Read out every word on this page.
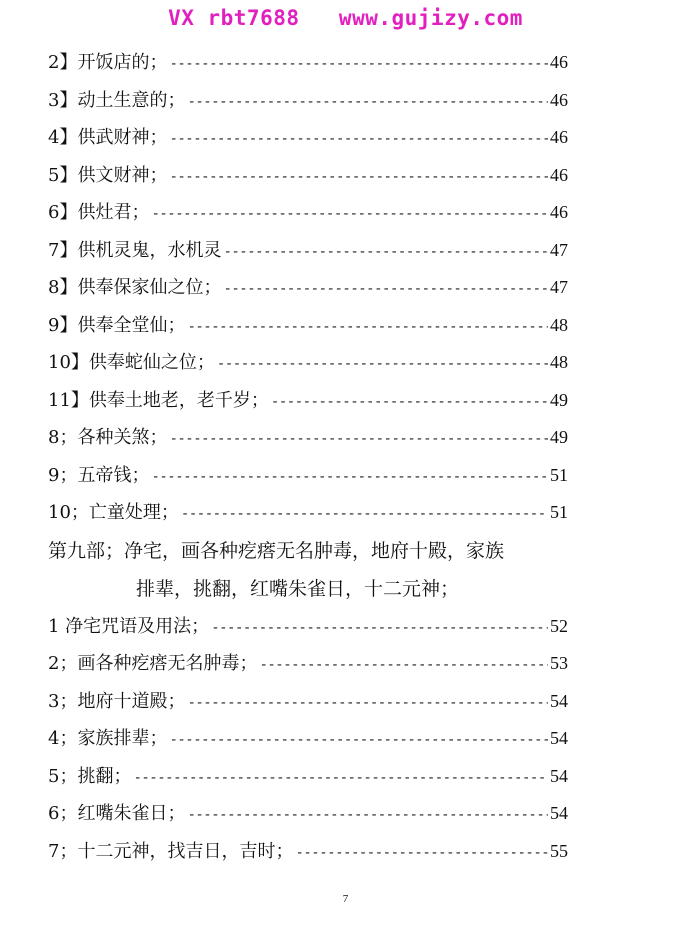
VX rbt7688   www.gujizy.com
2】开饭店的； -----	46
3】动土生意的； -----	46
4】供武财神； -----	46
5】供文财神； -----	46
6】供灶君； -----	46
7】供机灵鬼，水机灵 -----	47
8】供奉保家仙之位； -----	47
9】供奉全堂仙； -----	48
10】供奉蛇仙之位； -----	48
11】供奉土地老，老千岁； -----	49
8；各种关煞； -----	49
9；五帝钱； -----	51
10；亡童处理； -----	51
第九部；净宅，画各种疙瘩无名肿毒，地府十殿，家族
排辈，挑翻，红嘴朱雀日，十二元神；
1 净宅咒语及用法； -----	52
2；画各种疙瘩无名肿毒； -----	53
3；地府十道殿； -----	54
4；家族排辈； -----	54
5；挑翻； -----	54
6；红嘴朱雀日； -----	54
7；十二元神，找吉日，吉时； -----	55
7
